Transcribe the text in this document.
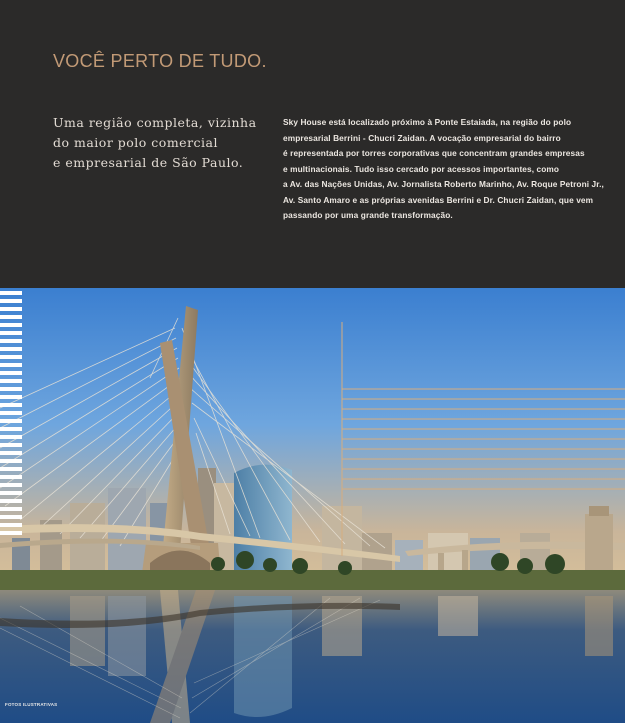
VOCÊ PERTO DE TUDO.
Uma região completa, vizinha
do maior polo comercial
e empresarial de São Paulo.
Sky House está localizado próximo à Ponte Estaiada, na região do polo
empresarial Berrini - Chucri Zaidan. A vocação empresarial do bairro
é representada por torres corporativas que concentram grandes empresas
e multinacionais. Tudo isso cercado por acessos importantes, como
a Av. das Nações Unidas, Av. Jornalista Roberto Marinho, Av. Roque Petroni Jr.,
Av. Santo Amaro e as próprias avenidas Berrini e Dr. Chucri Zaidan, que vem
passando por uma grande transformação.
FOTOS ILUSTRATIVAS
